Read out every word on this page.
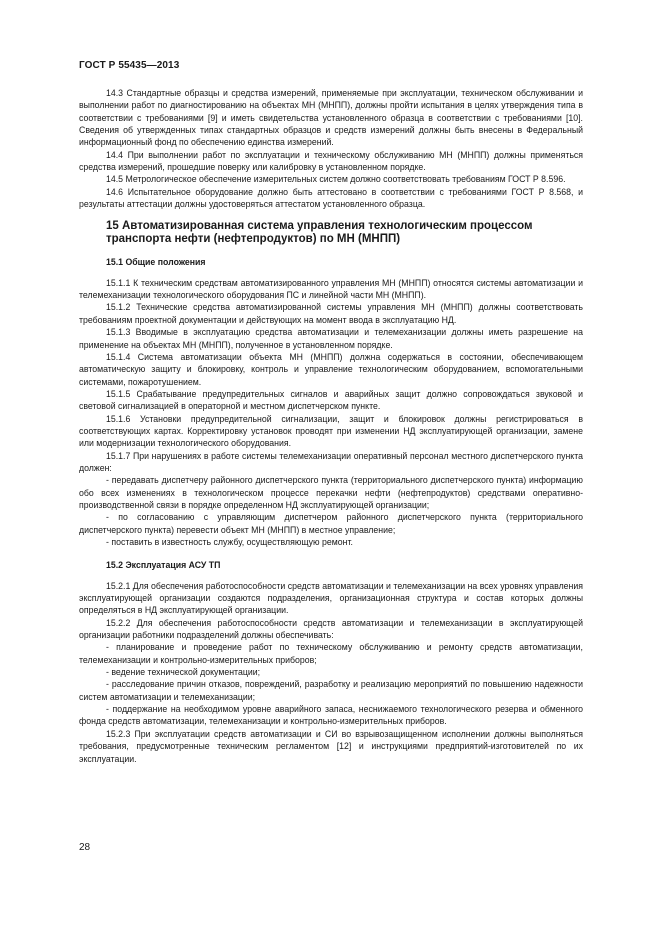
ГОСТ Р 55435—2013

14.3 Стандартные образцы и средства измерений, применяемые при эксплуатации, техническом обслуживании и выполнении работ по диагностированию на объектах МН (МНПП), должны пройти испытания в целях утверждения типа в соответствии с требованиями [9] и иметь свидетельства установленного образца в соответствии с требованиями [10]. Сведения об утвержденных типах стандартных образцов и средств измерений должны быть внесены в Федеральный информационный фонд по обеспечению единства измерений.

14.4 При выполнении работ по эксплуатации и техническому обслуживанию МН (МНПП) должны применяться средства измерений, прошедшие поверку или калибровку в установленном порядке.

14.5 Метрологическое обеспечение измерительных систем должно соответствовать требованиям ГОСТ Р 8.596.

14.6 Испытательное оборудование должно быть аттестовано в соответствии с требованиями ГОСТ Р 8.568, и результаты аттестации должны удостоверяться аттестатом установленного образца.

15 Автоматизированная система управления технологическим процессом транспорта нефти (нефтепродуктов) по МН (МНПП)
15.1 Общие положения

15.1.1 К техническим средствам автоматизированного управления МН (МНПП) относятся системы автоматизации и телемеханизации технологического оборудования ПС и линейной части МН (МНПП).

15.1.2 Технические средства автоматизированной системы управления МН (МНПП) должны соответствовать требованиям проектной документации и действующих на момент ввода в эксплуатацию НД.

15.1.3 Вводимые в эксплуатацию средства автоматизации и телемеханизации должны иметь разрешение на применение на объектах МН (МНПП), полученное в установленном порядке.

15.1.4 Система автоматизации объекта МН (МНПП) должна содержаться в состоянии, обеспечивающем автоматическую защиту и блокировку, контроль и управление технологическим оборудованием, вспомогательными системами, пожаротушением.

15.1.5 Срабатывание предупредительных сигналов и аварийных защит должно сопровождаться звуковой и световой сигнализацией в операторной и местном диспетчерском пункте.

15.1.6 Установки предупредительной сигнализации, защит и блокировок должны регистрироваться в соответствующих картах. Корректировку установок проводят при изменении НД эксплуатирующей организации, замене или модернизации технологического оборудования.

15.1.7 При нарушениях в работе системы телемеханизации оперативный персонал местного диспетчерского пункта должен:

- передавать диспетчеру районного диспетчерского пункта (территориального диспетчерского пункта) информацию обо всех изменениях в технологическом процессе перекачки нефти (нефтепродуктов) средствами оперативно-производственной связи в порядке определенном НД эксплуатирующей организации;

- по согласованию с управляющим диспетчером районного диспетчерского пункта (территориального диспетчерского пункта) перевести объект МН (МНПП) в местное управление;

- поставить в известность службу, осуществляющую ремонт.

15.2 Эксплуатация АСУ ТП

15.2.1 Для обеспечения работоспособности средств автоматизации и телемеханизации на всех уровнях управления эксплуатирующей организации создаются подразделения, организационная структура и состав которых должны определяться в НД эксплуатирующей организации.

15.2.2 Для обеспечения работоспособности средств автоматизации и телемеханизации в эксплуатирующей организации работники подразделений должны обеспечивать:

- планирование и проведение работ по техническому обслуживанию и ремонту средств автоматизации, телемеханизации и контрольно-измерительных приборов;

- ведение технической документации;

- расследование причин отказов, повреждений, разработку и реализацию мероприятий по повышению надежности систем автоматизации и телемеханизации;

- поддержание на необходимом уровне аварийного запаса, неснижаемого технологического резерва и обменного фонда средств автоматизации, телемеханизации и контрольно-измерительных приборов.

15.2.3 При эксплуатации средств автоматизации и СИ во взрывозащищенном исполнении должны выполняться требования, предусмотренные техническим регламентом [12] и инструкциями предприятий-изготовителей по их эксплуатации.

28
